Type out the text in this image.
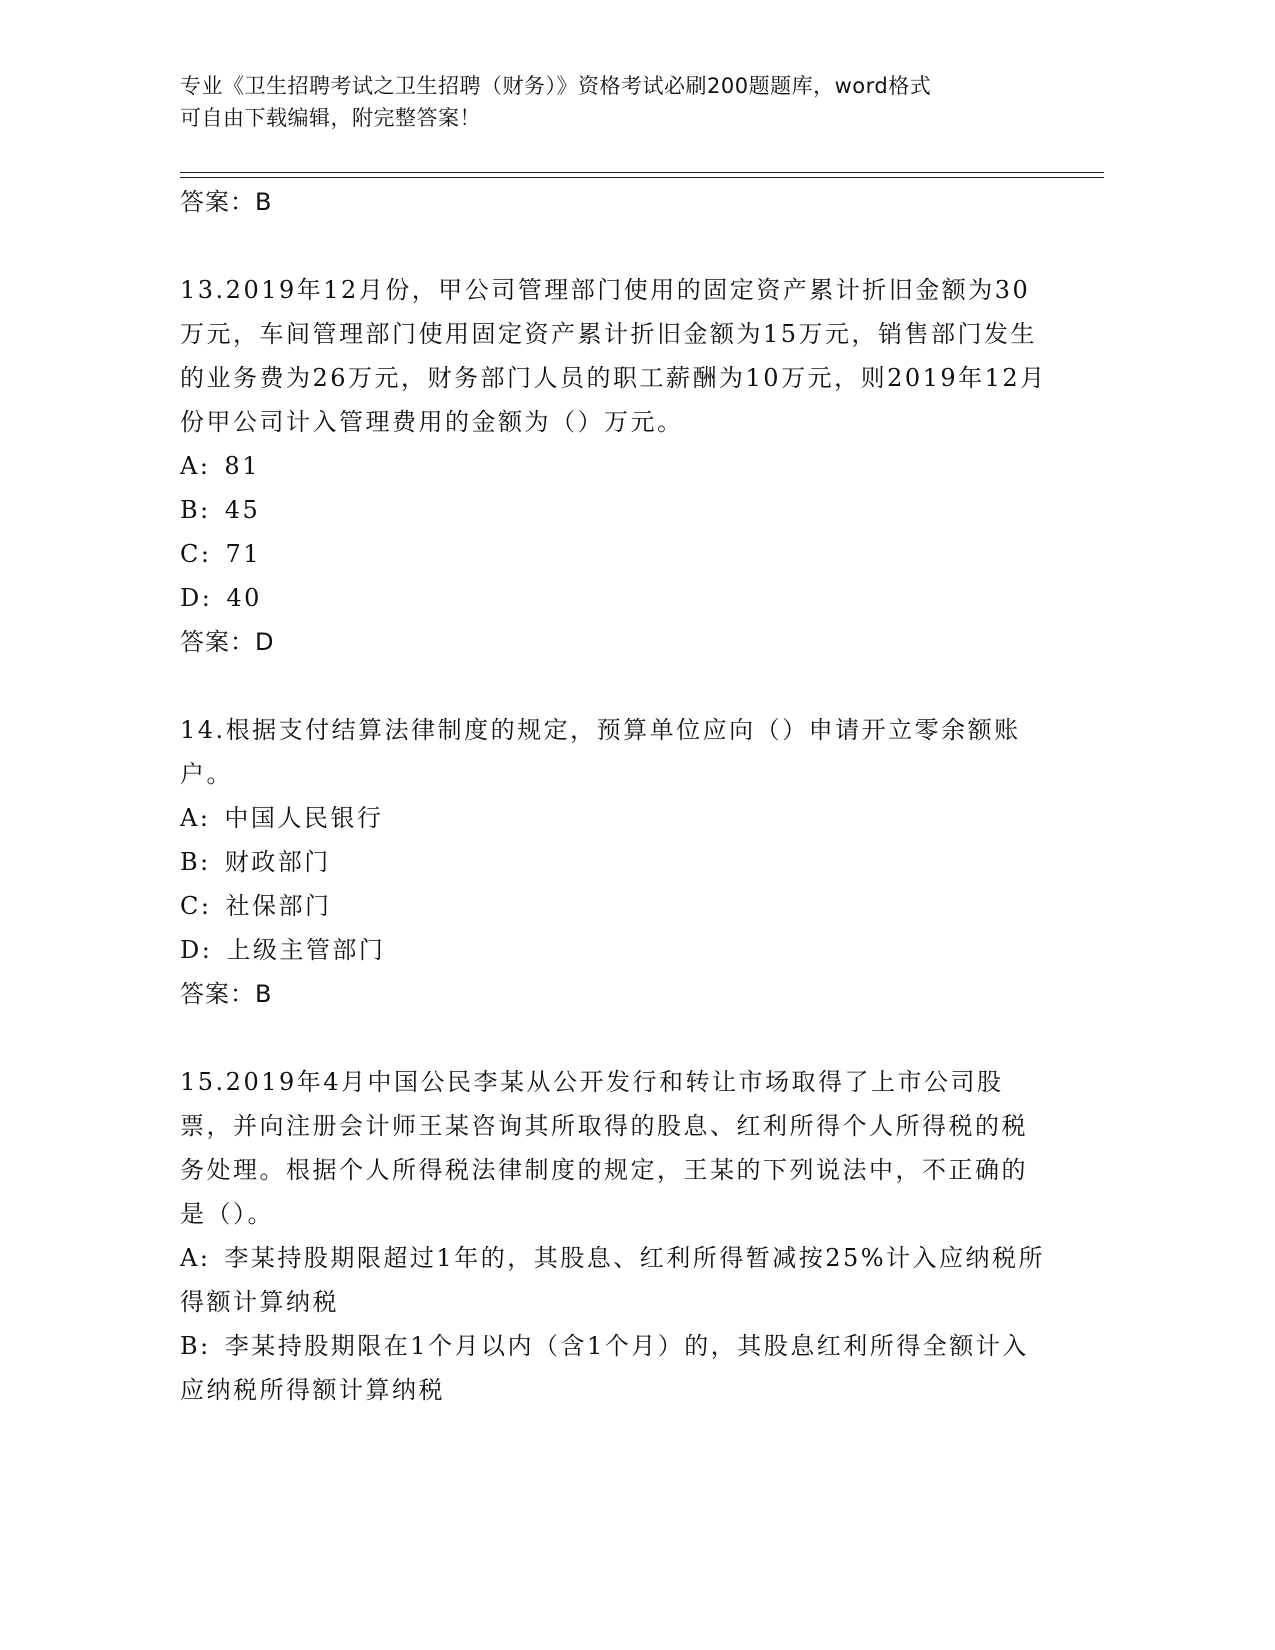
专业《卫生招聘考试之卫生招聘（财务）》资格考试必刷200题题库，word格式
可自由下载编辑，附完整答案！

答案：B

13.2019年12月份，甲公司管理部门使用的固定资产累计折旧金额为30万元，车间管理部门使用固定资产累计折旧金额为15万元，销售部门发生的业务费为26万元，财务部门人员的职工薪酬为10万元，则2019年12月份甲公司计入管理费用的金额为（）万元。

A: 81

B: 45

C: 71

D: 40

答案：D

14.根据支付结算法律制度的规定，预算单位应向（）申请开立零余额账户。

A: 中国人民银行

B: 财政部门

C: 社保部门

D: 上级主管部门

答案：B

15.2019年4月中国公民李某从公开发行和转让市场取得了上市公司股票，并向注册会计师王某咨询其所取得的股息、红利所得个人所得税的税务处理。根据个人所得税法律制度的规定，王某的下列说法中，不正确的是（）。

A: 李某持股期限超过1年的，其股息、红利所得暂减按25%计入应纳税所得额计算纳税

B: 李某持股期限在1个月以内（含1个月）的，其股息红利所得全额计入应纳税所得额计算纳税
